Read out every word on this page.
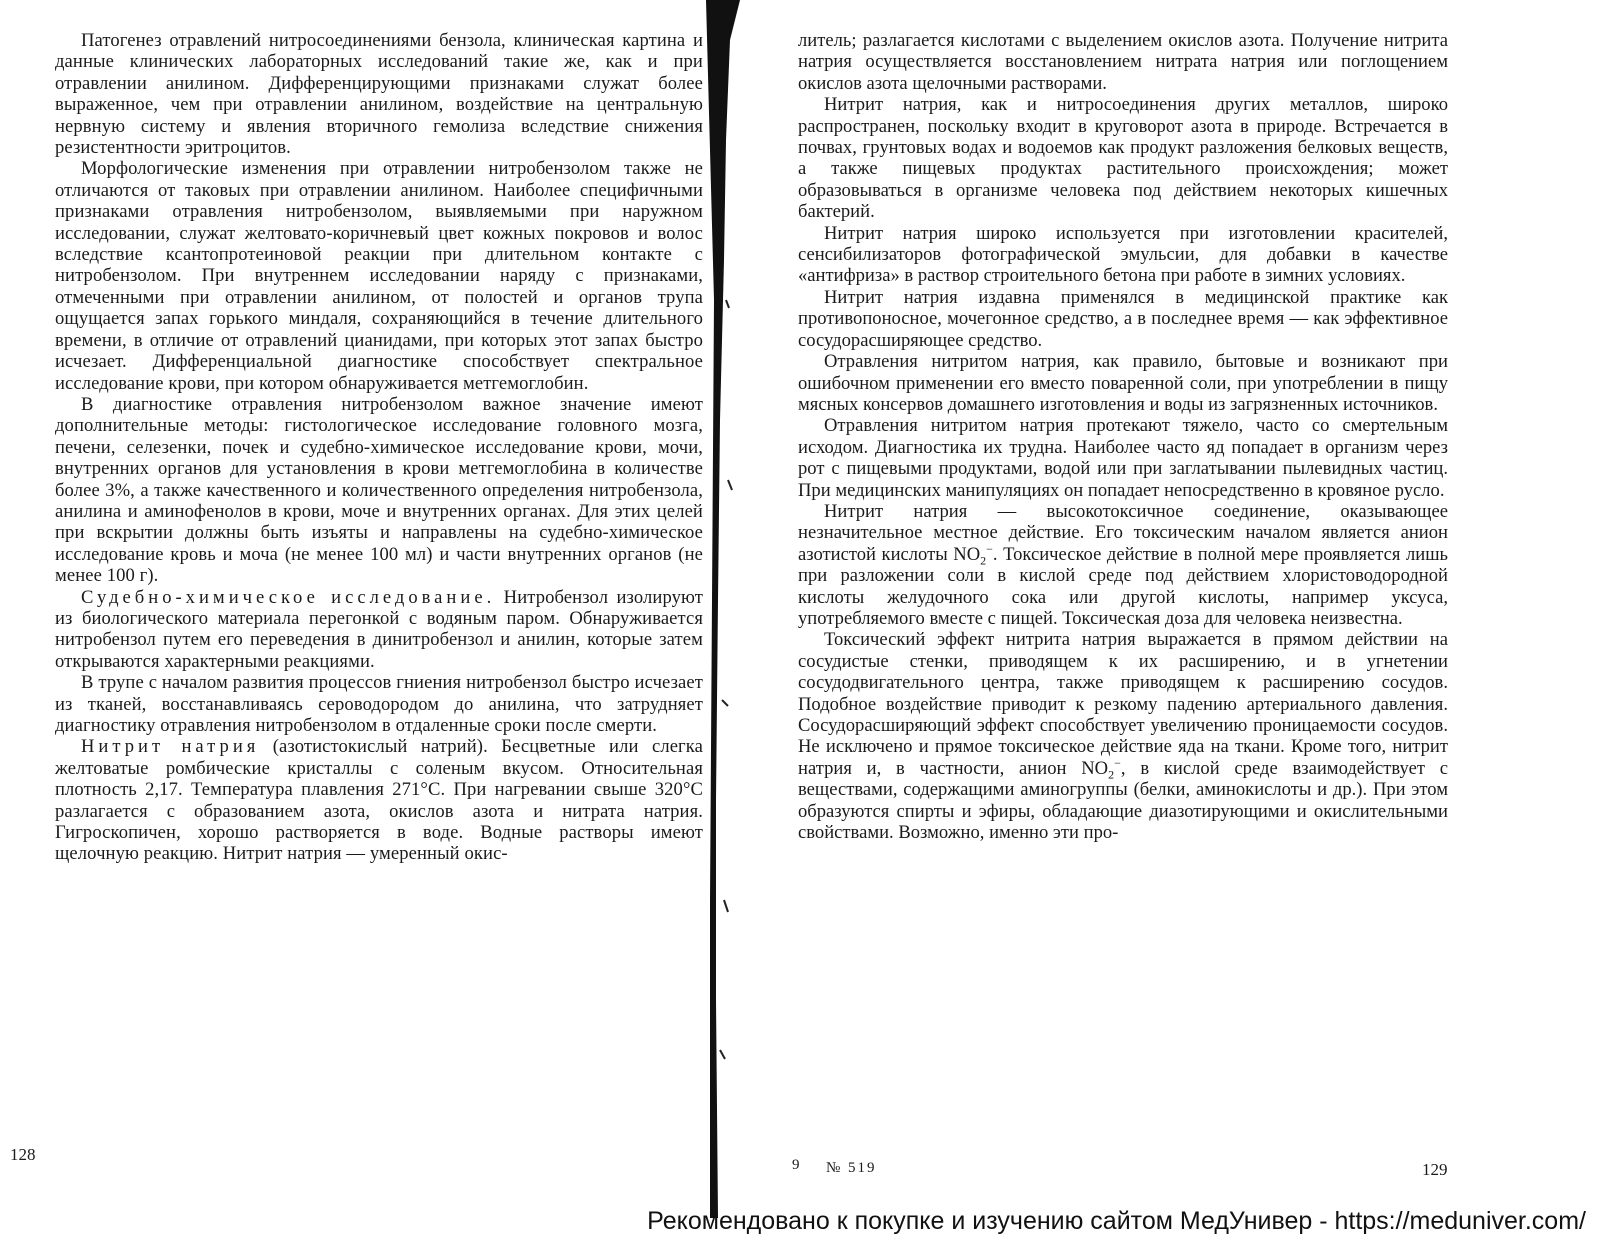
Патогенез отравлений нитросоединениями бензола, клиническая картина и данные клинических лабораторных исследований такие же, как и при отравлении анилином. Дифференцирующими признаками служат более выраженное, чем при отравлении анилином, воздействие на центральную нервную систему и явления вторичного гемолиза вследствие снижения резистентности эритроцитов.

Морфологические изменения при отравлении нитробензолом также не отличаются от таковых при отравлении анилином. Наиболее специфичными признаками отравления нитробензолом, выявляемыми при наружном исследовании, служат желтовато-коричневый цвет кожных покровов и волос вследствие ксантопротеиновой реакции при длительном контакте с нитробензолом. При внутреннем исследовании наряду с признаками, отмеченными при отравлении анилином, от полостей и органов трупа ощущается запах горького миндаля, сохраняющийся в течение длительного времени, в отличие от отравлений цианидами, при которых этот запах быстро исчезает. Дифференциальной диагностике способствует спектральное исследование крови, при котором обнаруживается метгемоглобин.

В диагностике отравления нитробензолом важное значение имеют дополнительные методы: гистологическое исследование головного мозга, печени, селезенки, почек и судебно-химическое исследование крови, мочи, внутренних органов для установления в крови метгемоглобина в количестве более 3%, а также качественного и количественного определения нитробензола, анилина и аминофенолов в крови, моче и внутренних органах. Для этих целей при вскрытии должны быть изъяты и направлены на судебно-химическое исследование кровь и моча (не менее 100 мл) и части внутренних органов (не менее 100 г).

Судебно-химическое исследование. Нитробензол изолируют из биологического материала перегонкой с водяным паром. Обнаруживается нитробензол путем его переведения в динитробензол и анилин, которые затем открываются характерными реакциями.

В трупе с началом развития процессов гниения нитробензол быстро исчезает из тканей, восстанавливаясь сероводородом до анилина, что затрудняет диагностику отравления нитробензолом в отдаленные сроки после смерти.

Нитрит натрия (азотистокислый натрий). Бесцветные или слегка желтоватые ромбические кристаллы с соленым вкусом. Относительная плотность 2,17. Температура плавления 271°С. При нагревании свыше 320°С разлагается с образованием азота, окислов азота и нитрата натрия. Гигроскопичен, хорошо растворяется в воде. Водные растворы имеют щелочную реакцию. Нитрит натрия — умеренный окис-

128

литель; разлагается кислотами с выделением окислов азота. Получение нитрита натрия осуществляется восстановлением нитрата натрия или поглощением окислов азота щелочными растворами.

Нитрит натрия, как и нитросоединения других металлов, широко распространен, поскольку входит в круговорот азота в природе. Встречается в почвах, грунтовых водах и водоемов как продукт разложения белковых веществ, а также пищевых продуктах растительного происхождения; может образовываться в организме человека под действием некоторых кишечных бактерий.

Нитрит натрия широко используется при изготовлении красителей, сенсибилизаторов фотографической эмульсии, для добавки в качестве «антифриза» в раствор строительного бетона при работе в зимних условиях.

Нитрит натрия издавна применялся в медицинской практике как противопоносное, мочегонное средство, а в последнее время — как эффективное сосудорасширяющее средство.

Отравления нитритом натрия, как правило, бытовые и возникают при ошибочном применении его вместо поваренной соли, при употреблении в пищу мясных консервов домашнего изготовления и воды из загрязненных источников.

Отравления нитритом натрия протекают тяжело, часто со смертельным исходом. Диагностика их трудна. Наиболее часто яд попадает в организм через рот с пищевыми продуктами, водой или при заглатывании пылевидных частиц. При медицинских манипуляциях он попадает непосредственно в кровяное русло.

Нитрит натрия — высокотоксичное соединение, оказывающее незначительное местное действие. Его токсическим началом является анион азотистой кислоты $NO_2^-$. Токсическое действие в полной мере проявляется лишь при разложении соли в кислой среде под действием хлористоводородной кислоты желудочного сока или другой кислоты, например уксуса, употребляемого вместе с пищей. Токсическая доза для человека неизвестна.

Токсический эффект нитрита натрия выражается в прямом действии на сосудистые стенки, приводящем к их расширению, и в угнетении сосудодвигательного центра, также приводящем к расширению сосудов. Подобное воздействие приводит к резкому падению артериального давления. Сосудорасширяющий эффект способствует увеличению проницаемости сосудов. Не исключено и прямое токсическое действие яда на ткани. Кроме того, нитрит натрия и, в частности, анион $NO_2^-$, в кислой среде взаимодействует с веществами, содержащими аминогруппы (белки, аминокислоты и др.). При этом образуются спирты и эфиры, обладающие диазотирующими и окислительными свойствами. Возможно, именно эти про-

9 № 519	129
Рекомендовано к покупке и изучению сайтом МедУнивер - https://meduniver.com/
